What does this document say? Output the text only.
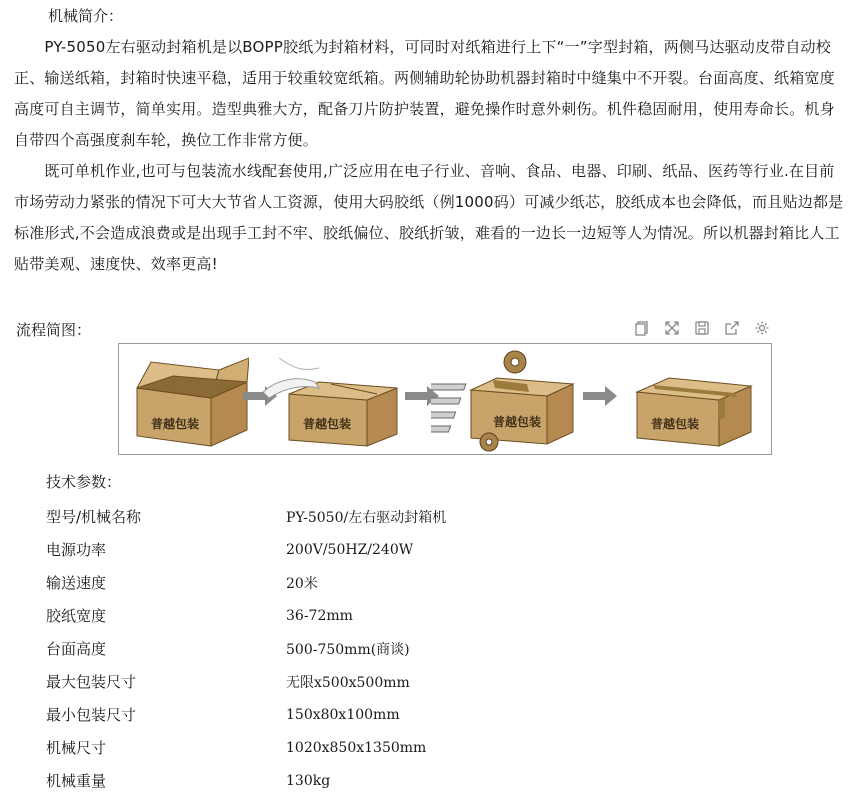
机械简介：
　　PY-5050左右驱动封箱机是以BOPP胶纸为封箱材料，可同时对纸箱进行上下“一”字型封箱，两侧马达驱动皮带自动校正、输送纸箱，封箱时快速平稳，适用于较重较宽纸箱。两侧辅助轮协助机器封箱时中缝集中不开裂。台面高度、纸箱宽度高度可自主调节，简单实用。造型典雅大方，配备刀片防护装置，避免操作时意外刺伤。机件稳固耐用，使用寿命长。机身自带四个高强度刹车轮，换位工作非常方便。
　　既可单机作业,也可与包装流水线配套使用,广泛应用在电子行业、音响、食品、电器、印刷、纸品、医药等行业.在目前市场劳动力紧张的情况下可大大节省人工资源，使用大码胶纸（例1000码）可减少纸芯，胶纸成本也会降低，而且贴边都是标准形式,不会造成浪费或是出现手工封不牢、胶纸偏位、胶纸折皱，难看的一边长一边短等人为情况。所以机器封箱比人工贴带美观、速度快、效率更高!
流程简图：
普越包装	普越包装	普越包装	普越包装
技术参数：
型号/机械名称	PY-5050/左右驱动封箱机
电源功率	200V/50HZ/240W
输送速度	20米
胶纸宽度	36-72mm
台面高度	500-750mm(商谈)
最大包装尺寸	无限x500x500mm
最小包装尺寸	150x80x100mm
机械尺寸	1020x850x1350mm
机械重量	130kg
